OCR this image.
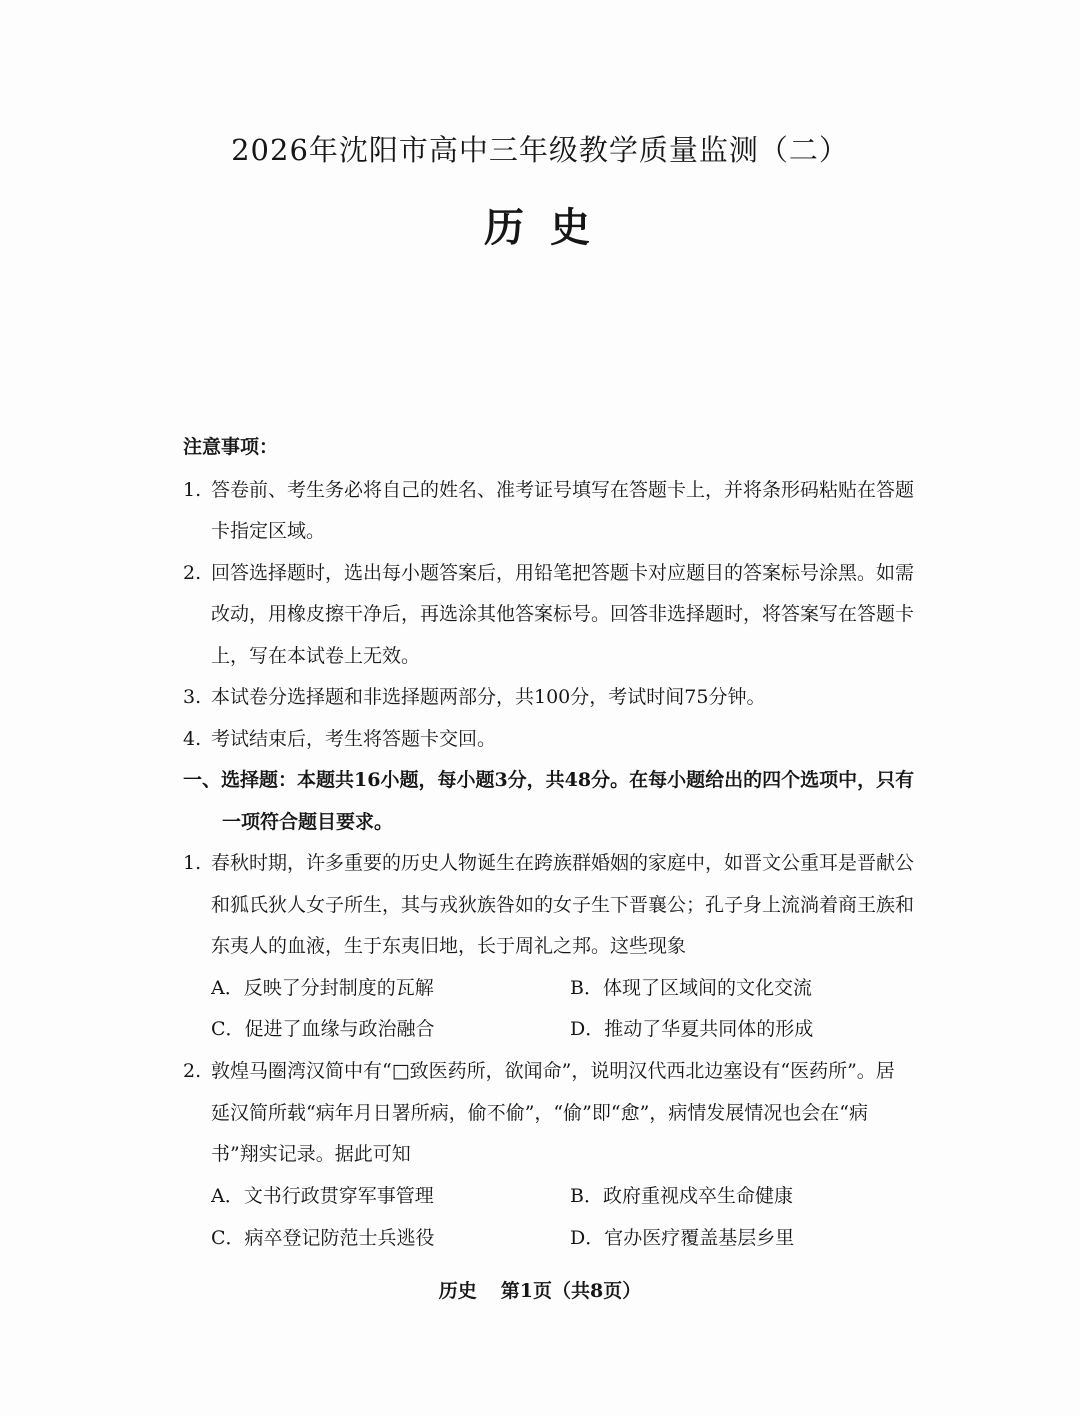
2026年沈阳市高中三年级教学质量监测（二）
历 史
注意事项：
1. 答卷前、考生务必将自己的姓名、准考证号填写在答题卡上，并将条形码粘贴在答题
卡指定区域。
2. 回答选择题时，选出每小题答案后，用铅笔把答题卡对应题目的答案标号涂黑。如需
改动，用橡皮擦干净后，再选涂其他答案标号。回答非选择题时，将答案写在答题卡
上，写在本试卷上无效。
3. 本试卷分选择题和非选择题两部分，共100分，考试时间75分钟。
4. 考试结束后，考生将答题卡交回。
一、选择题：本题共16小题，每小题3分，共48分。在每小题给出的四个选项中，只有
一项符合题目要求。
1. 春秋时期，许多重要的历史人物诞生在跨族群婚姻的家庭中，如晋文公重耳是晋献公
和狐氏狄人女子所生，其与戎狄族咎如的女子生下晋襄公；孔子身上流淌着商王族和
东夷人的血液，生于东夷旧地，长于周礼之邦。这些现象
A．反映了分封制度的瓦解	B．体现了区域间的文化交流
C．促进了血缘与政治融合	D．推动了华夏共同体的形成
2. 敦煌马圈湾汉简中有“□致医药所，欲闻命”，说明汉代西北边塞设有“医药所”。居
延汉简所载“病年月日署所病，偷不偷”，“偷”即“愈”，病情发展情况也会在“病
书”翔实记录。据此可知
A．文书行政贯穿军事管理	B．政府重视戍卒生命健康
C．病卒登记防范士兵逃役	D．官办医疗覆盖基层乡里
历史 第1页（共8页）
